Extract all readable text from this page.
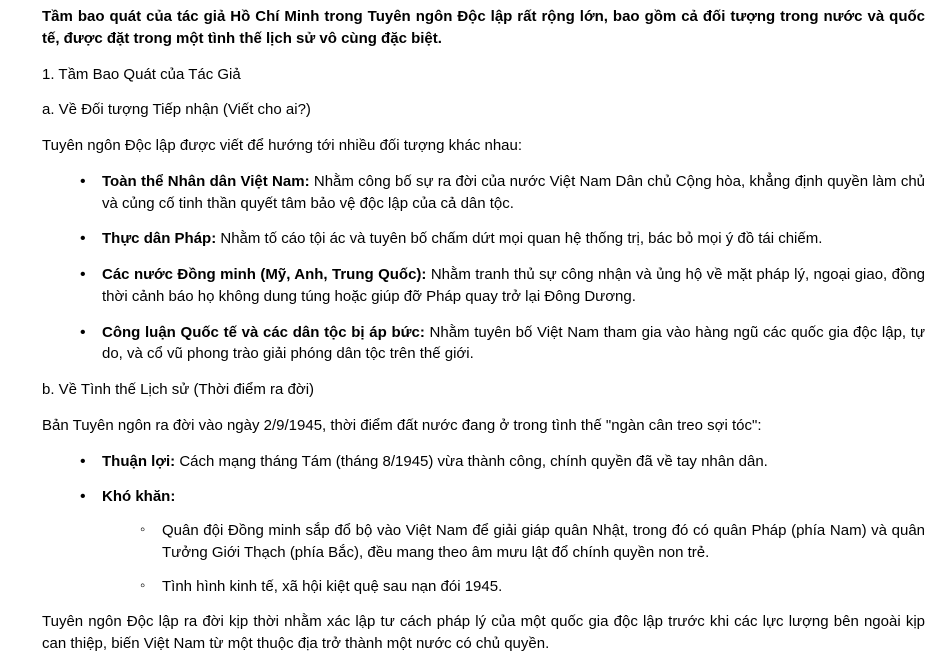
Tầm bao quát của tác giả Hồ Chí Minh trong Tuyên ngôn Độc lập rất rộng lớn, bao gồm cả đối tượng trong nước và quốc tế, được đặt trong một tình thế lịch sử vô cùng đặc biệt.

1. Tầm Bao Quát của Tác Giả

a. Về Đối tượng Tiếp nhận (Viết cho ai?)

Tuyên ngôn Độc lập được viết để hướng tới nhiều đối tượng khác nhau:

• Toàn thể Nhân dân Việt Nam: Nhằm công bố sự ra đời của nước Việt Nam Dân chủ Cộng hòa, khẳng định quyền làm chủ và củng cố tinh thần quyết tâm bảo vệ độc lập của cả dân tộc.
• Thực dân Pháp: Nhằm tố cáo tội ác và tuyên bố chấm dứt mọi quan hệ thống trị, bác bỏ mọi ý đồ tái chiếm.
• Các nước Đồng minh (Mỹ, Anh, Trung Quốc): Nhằm tranh thủ sự công nhận và ủng hộ về mặt pháp lý, ngoại giao, đồng thời cảnh báo họ không dung túng hoặc giúp đỡ Pháp quay trở lại Đông Dương.
• Công luận Quốc tế và các dân tộc bị áp bức: Nhằm tuyên bố Việt Nam tham gia vào hàng ngũ các quốc gia độc lập, tự do, và cổ vũ phong trào giải phóng dân tộc trên thế giới.

b. Về Tình thế Lịch sử (Thời điểm ra đời)

Bản Tuyên ngôn ra đời vào ngày 2/9/1945, thời điểm đất nước đang ở trong tình thế "ngàn cân treo sợi tóc":

• Thuận lợi: Cách mạng tháng Tám (tháng 8/1945) vừa thành công, chính quyền đã về tay nhân dân.
• Khó khăn:
◦ Quân đội Đồng minh sắp đổ bộ vào Việt Nam để giải giáp quân Nhật, trong đó có quân Pháp (phía Nam) và quân Tưởng Giới Thạch (phía Bắc), đều mang theo âm mưu lật đổ chính quyền non trẻ.
◦ Tình hình kinh tế, xã hội kiệt quệ sau nạn đói 1945.

Tuyên ngôn Độc lập ra đời kịp thời nhằm xác lập tư cách pháp lý của một quốc gia độc lập trước khi các lực lượng bên ngoài kịp can thiệp, biến Việt Nam từ một thuộc địa trở thành một nước có chủ quyền.
